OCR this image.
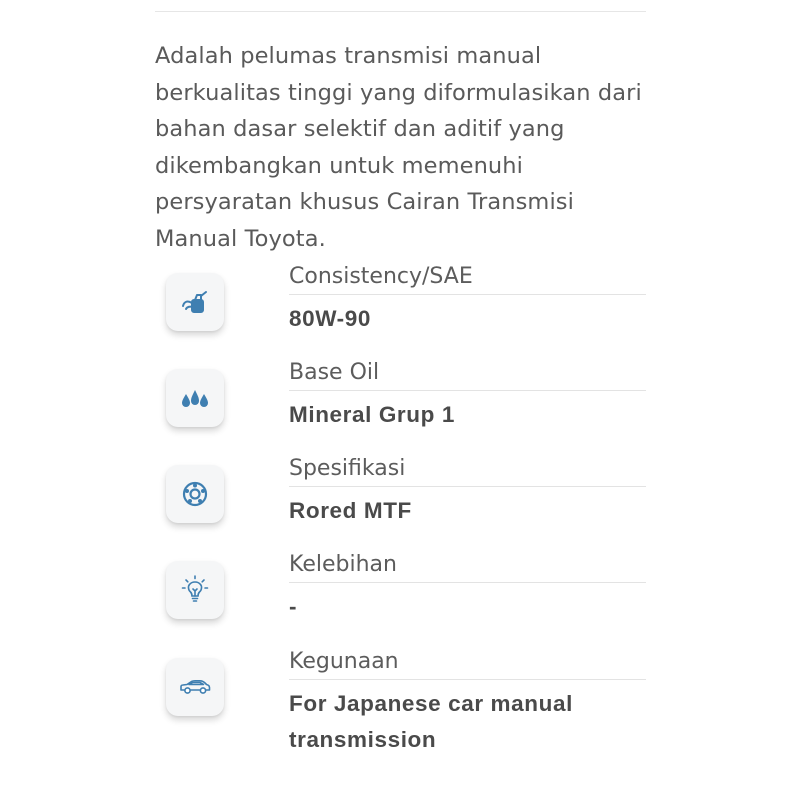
Adalah pelumas transmisi manual berkualitas tinggi yang diformulasikan dari bahan dasar selektif dan aditif yang dikembangkan untuk memenuhi persyaratan khusus Cairan Transmisi Manual Toyota.

Consistency/SAE
80W-90
Base Oil
Mineral Grup 1
Spesifikasi
Rored MTF
Kelebihan
-
Kegunaan
For Japanese car manual transmission
